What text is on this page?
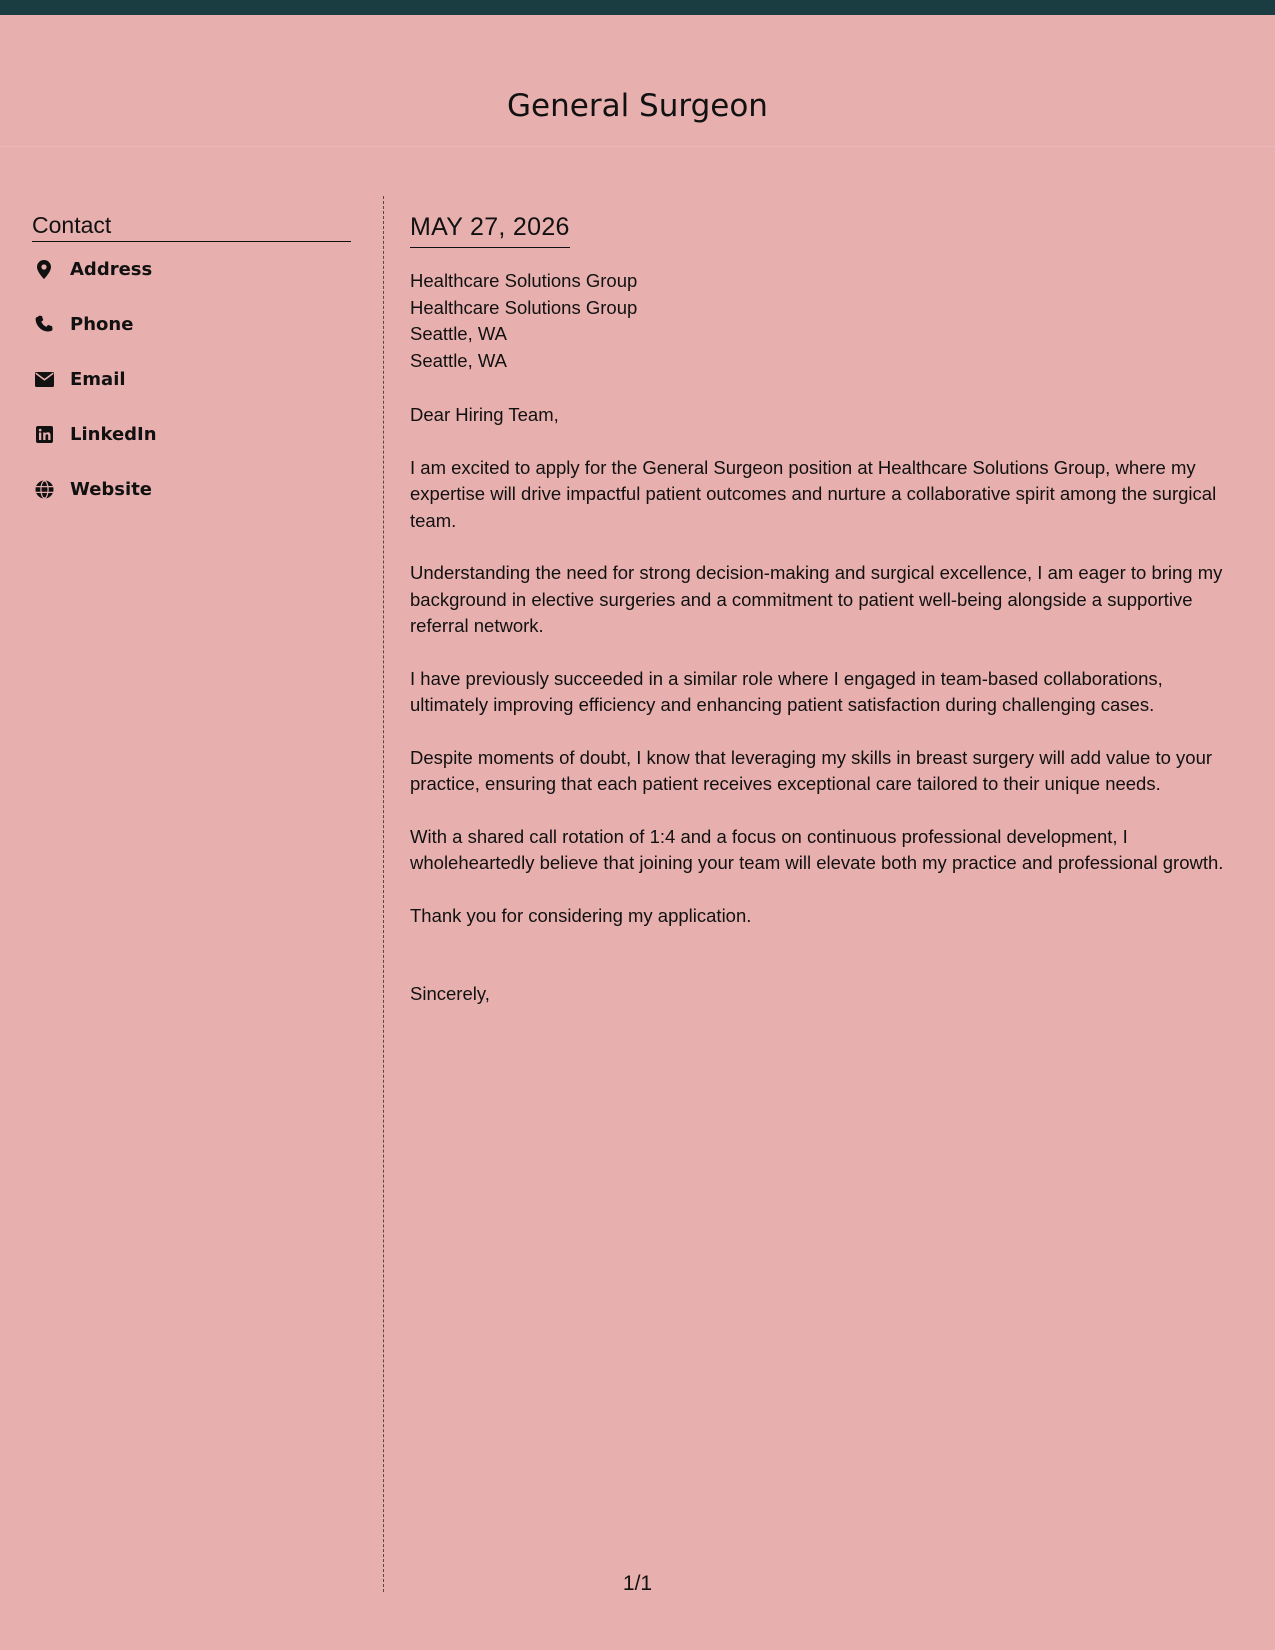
General Surgeon
Contact
Address
Phone
Email
LinkedIn
Website
MAY 27, 2026
Healthcare Solutions Group
Healthcare Solutions Group
Seattle, WA
Seattle, WA
Dear Hiring Team,

I am excited to apply for the General Surgeon position at Healthcare Solutions Group, where my expertise will drive impactful patient outcomes and nurture a collaborative spirit among the surgical team.

Understanding the need for strong decision-making and surgical excellence, I am eager to bring my background in elective surgeries and a commitment to patient well-being alongside a supportive referral network.

I have previously succeeded in a similar role where I engaged in team-based collaborations, ultimately improving efficiency and enhancing patient satisfaction during challenging cases.

Despite moments of doubt, I know that leveraging my skills in breast surgery will add value to your practice, ensuring that each patient receives exceptional care tailored to their unique needs.

With a shared call rotation of 1:4 and a focus on continuous professional development, I wholeheartedly believe that joining your team will elevate both my practice and professional growth.

Thank you for considering my application.

Sincerely,
1/1
